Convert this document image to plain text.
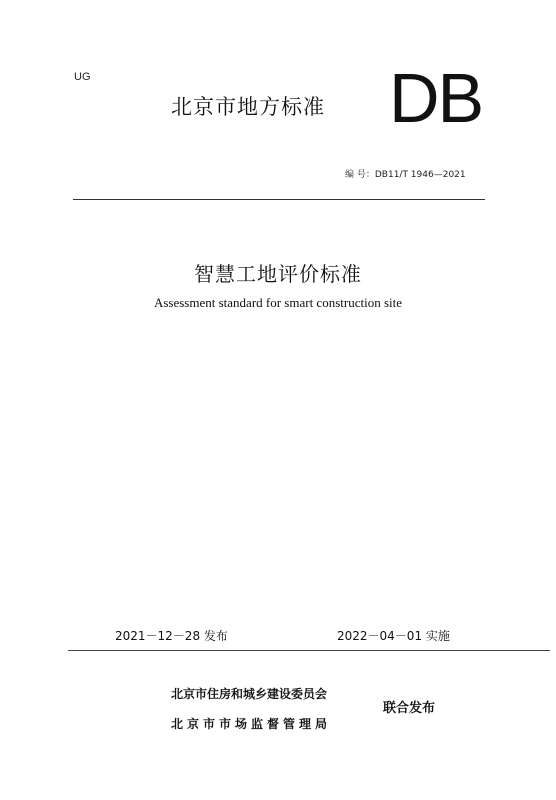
UG
北京市地方标准 DB
编 号：DB11/T 1946—2021
智慧工地评价标准
Assessment standard for smart construction site
2021－12－28 发布	2022－04－01 实施
北京市住房和城乡建设委员会
北京市市场监督管理局
联合发布
